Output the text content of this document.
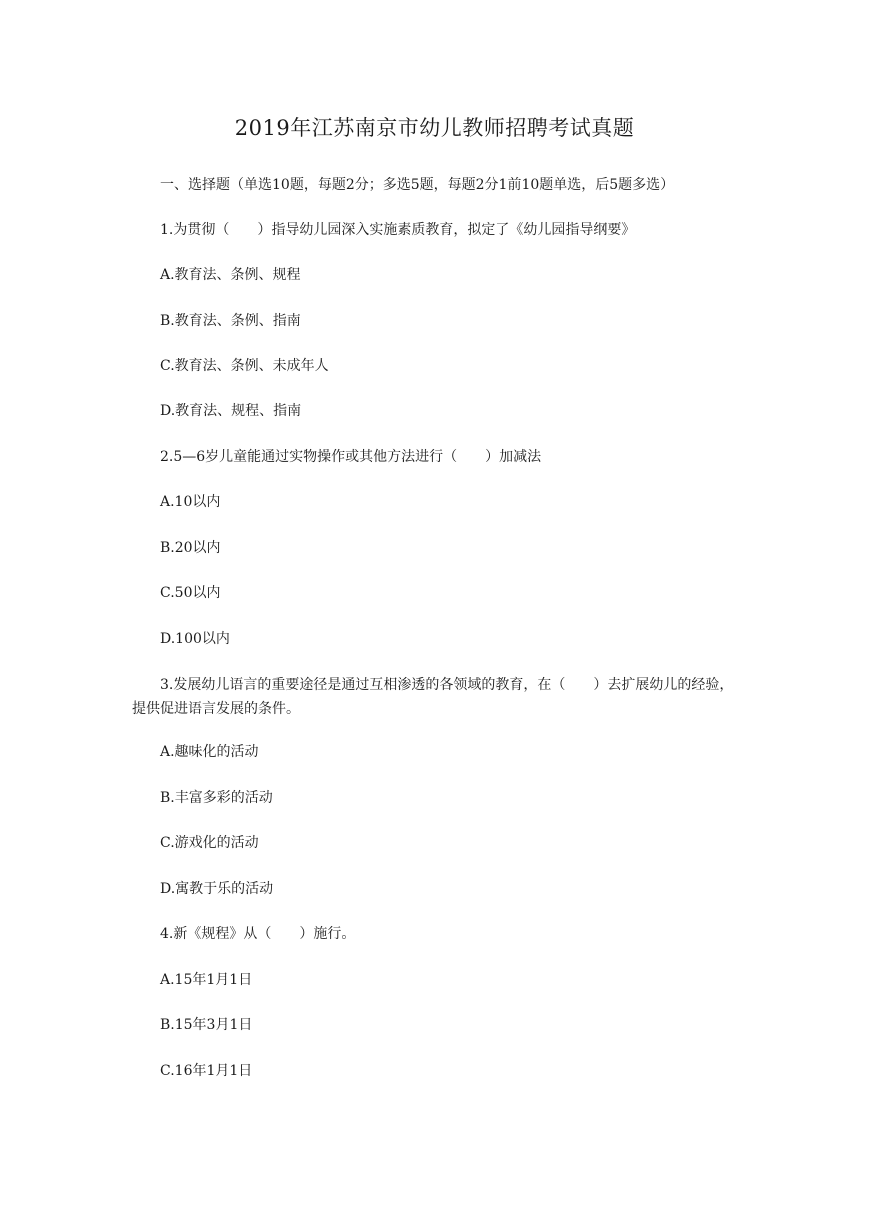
2019年江苏南京市幼儿教师招聘考试真题
一、选择题（单选10题，每题2分；多选5题，每题2分1前10题单选，后5题多选）
1.为贯彻（　　）指导幼儿园深入实施素质教育，拟定了《幼儿园指导纲要》
A.教育法、条例、规程
B.教育法、条例、指南
C.教育法、条例、未成年人
D.教育法、规程、指南
2.5—6岁儿童能通过实物操作或其他方法进行（　　）加减法
A.10以内
B.20以内
C.50以内
D.100以内
3.发展幼儿语言的重要途径是通过互相渗透的各领域的教育，在（　　）去扩展幼儿的经验，提供促进语言发展的条件。
A.趣味化的活动
B.丰富多彩的活动
C.游戏化的活动
D.寓教于乐的活动
4.新《规程》从（　　）施行。
A.15年1月1日
B.15年3月1日
C.16年1月1日
